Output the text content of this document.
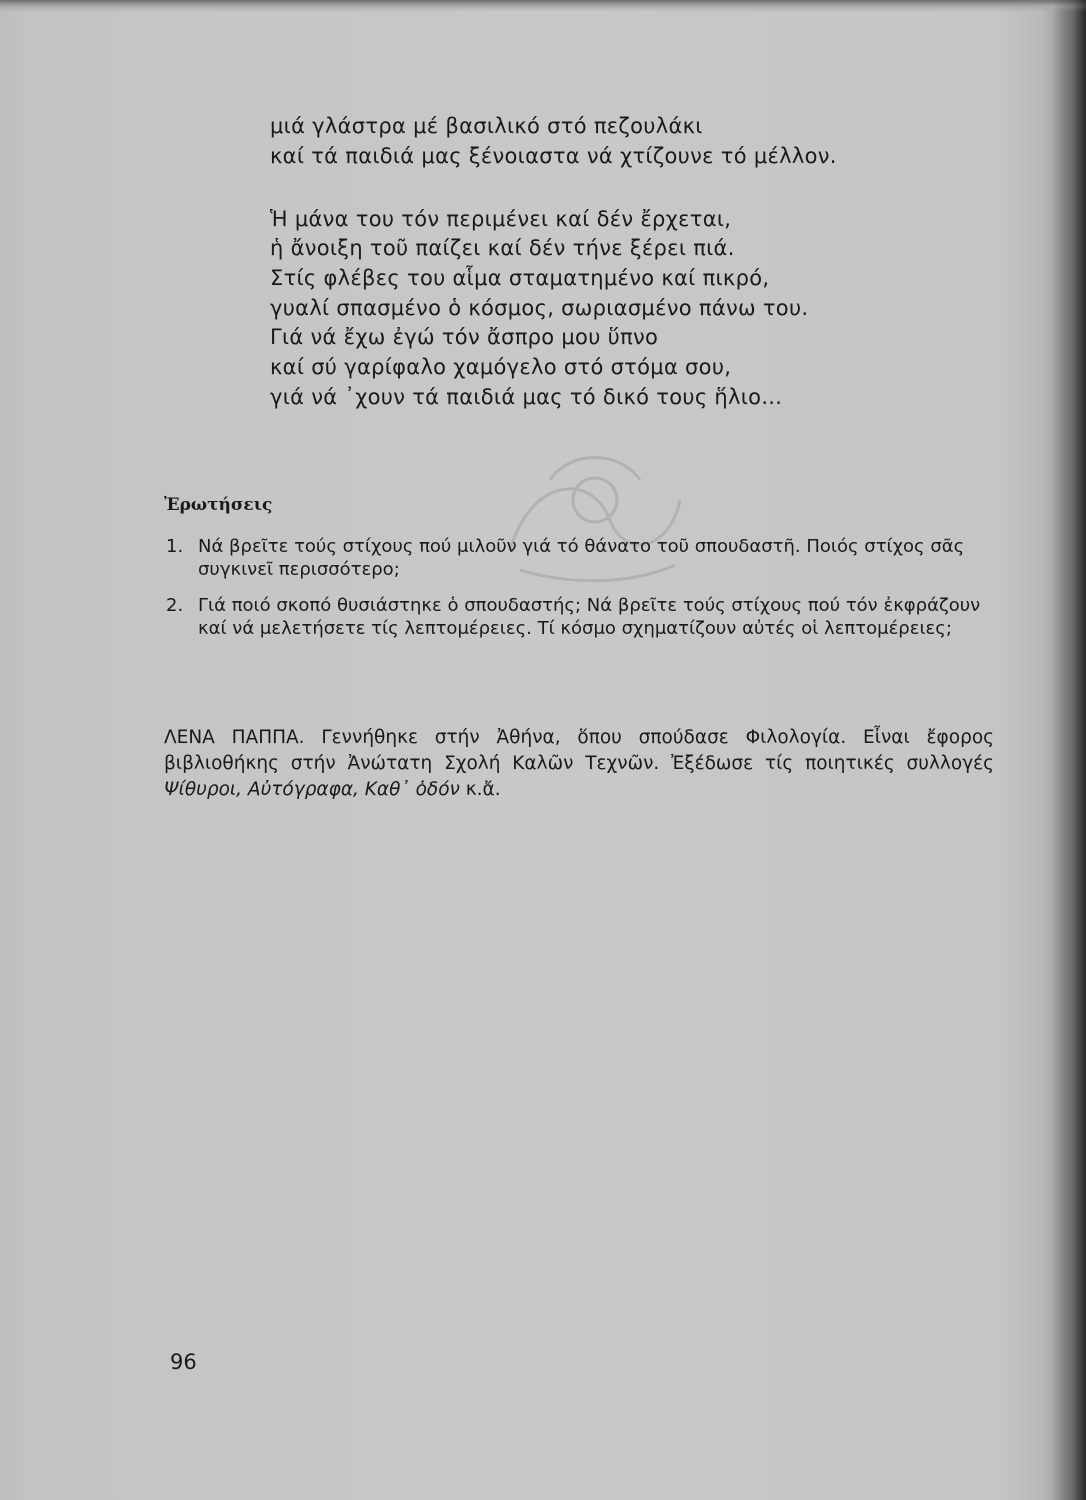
μιά γλάστρα μέ βασιλικό στό πεζουλάκι
καί τά παιδιά μας ξένοιαστα νά χτίζουνε τό μέλλον.
Ἡ μάνα του τόν περιμένει καί δέν ἔρχεται,
ἡ ἄνοιξη τοῦ παίζει καί δέν τήνε ξέρει πιά.
Στίς φλέβες του αἷμα σταματημένο καί πικρό,
γυαλί σπασμένο ὁ κόσμος, σωριασμένο πάνω του.
Γιά νά ἔχω ἐγώ τόν ἄσπρο μου ὕπνο
καί σύ γαρίφαλο χαμόγελο στό στόμα σου,
γιά νά ᾿χουν τά παιδιά μας τό δικό τους ἥλιο...
Ἐρωτήσεις
1. Νά βρεῖτε τούς στίχους πού μιλοῦν γιά τό θάνατο τοῦ σπουδαστῆ. Ποιός στίχος σᾶς συγκινεῖ περισσότερο;
2. Γιά ποιό σκοπό θυσιάστηκε ὁ σπουδαστής; Νά βρεῖτε τούς στίχους πού τόν ἐκφράζουν καί νά μελετήσετε τίς λεπτομέρειες. Τί κόσμο σχηματίζουν αὐτές οἱ λεπτομέρειες;
ΛΕΝΑ ΠΑΠΠΑ. Γεννήθηκε στήν Ἀθήνα, ὅπου σπούδασε Φιλολογία. Εἶναι ἔφορος βιβλιοθήκης στήν Ἀνώτατη Σχολή Καλῶν Τεχνῶν. Ἐξέδωσε τίς ποιητικές συλλογές Ψίθυροι, Αὐτόγραφα, Καθ᾿ ὁδόν κ.ἄ.
96
